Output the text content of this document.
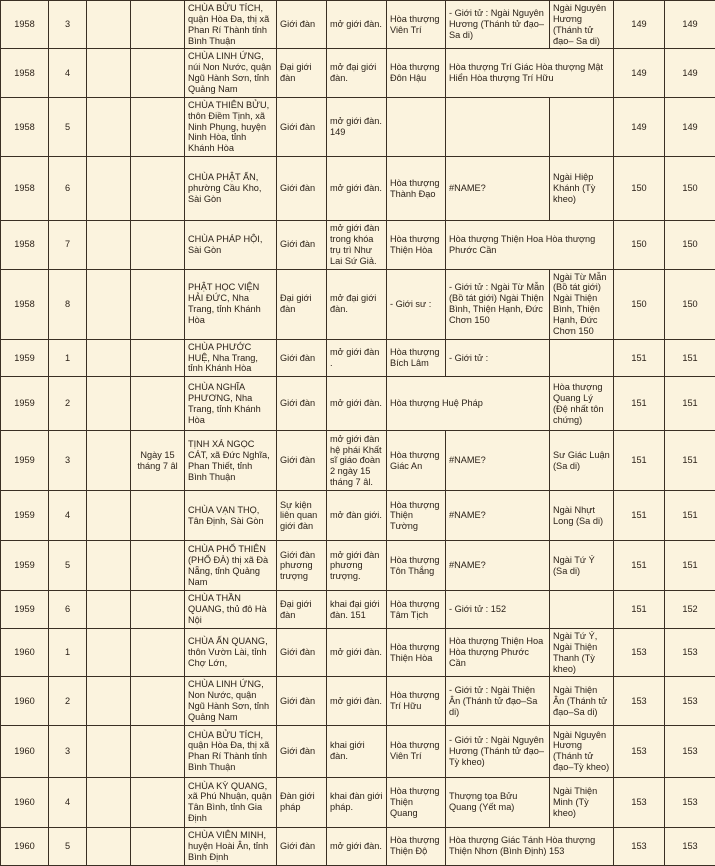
1958	3			CHÙA BỬU TÍCH, quận Hòa Đa, thị xã Phan Rí Thành tỉnh Bình Thuận	Giới đàn	mở giới đàn.	Hòa thượng Viên Trí	- Giới tử : Ngài Nguyên Hương (Thánh tử đạo–Sa di)	Ngài Nguyên Hương (Thánh tử đạo– Sa di)	149	149
1958	4			CHÙA LINH ỨNG, núi Non Nước, quận Ngũ Hành Sơn, tỉnh Quảng Nam	Đại giới đàn	mở đại giới đàn.	Hòa thượng Đôn Hậu	Hòa thượng Trí Giác Hòa thượng Mật Hiển Hòa thượng Trí Hữu		149	149
1958	5			CHÙA THIÊN BỬU, thôn Điềm Tịnh, xã Ninh Phụng, huyện Ninh Hòa, tỉnh Khánh Hòa	Giới đàn	mở giới đàn. 149				149	149
1958	6			CHÙA PHẬT ẤN, phường Cầu Kho, Sài Gòn	Giới đàn	mở giới đàn.	Hòa thượng Thành Đạo	#NAME?	Ngài Hiệp Khánh (Tỳ kheo)	150	150
1958	7			CHÙA PHÁP HỘI, Sài Gòn	Giới đàn	mở giới đàn trong khóa trụ trì Như Lai Sứ Giả.	Hòa thượng Thiện Hòa	Hòa thượng Thiện Hoa Hòa thượng Phước Cần		150	150
1958	8			PHẬT HỌC VIỆN HẢI ĐỨC, Nha Trang, tỉnh Khánh Hòa	Đại giới đàn	mở đại giới đàn.	- Giới sư :	- Giới tử : Ngài Từ Mẫn (Bồ tát giới) Ngài Thiện Bình, Thiện Hạnh, Đức Chơn 150	Ngài Từ Mẫn (Bồ tát giới) Ngài Thiện Bình, Thiện Hạnh, Đức Chơn 150	150	150
1959	1			CHÙA PHƯỚC HUỆ, Nha Trang, tỉnh Khánh Hòa	Giới đàn	mở giới đàn .	Hòa thượng Bích Lâm	- Giới tử :		151	151
1959	2			CHÙA NGHĨA PHƯƠNG, Nha Trang, tỉnh Khánh Hòa	Giới đàn	mở giới đàn.	Hòa thượng Huệ Pháp		Hòa thượng Quang Lý (Đệ nhất tôn chứng)	151	151
1959	3		Ngày 15 tháng 7 âl	TỊNH XÁ NGỌC CÁT, xã Đức Nghĩa, Phan Thiết, tỉnh Bình Thuận	Giới đàn	mở giới đàn hệ phái Khất sĩ giáo đoàn 2 ngày 15 tháng 7 âl.	Hòa thượng Giác An	#NAME?	Sư Giác Luận (Sa di)	151	151
1959	4			CHÙA VẠN THỌ, Tân Định, Sài Gòn	Sự kiện liên quan giới đàn	mở đàn giới.	Hòa thượng Thiện Tường	#NAME?	Ngài Nhựt Long (Sa di)	151	151
1959	5			CHÙA PHỔ THIÊN (PHỔ ĐÀ) thị xã Đà Nẵng, tỉnh Quảng Nam	Giới đàn phương trượng	mở giới đàn phương trượng.	Hòa thượng Tôn Thắng	#NAME?	Ngài Tứ Ý (Sa di)	151	151
1959	6			CHÙA THẦN QUANG, thủ đô Hà Nội	Đại giới đàn	khai đại giới đàn. 151	Hòa thượng Tâm Tịch	- Giới tử : 152		151	152
1960	1			CHÙA ẤN QUANG, thôn Vườn Lài, tỉnh Chợ Lớn,	Giới đàn	mở giới đàn.	Hòa thượng Thiện Hòa	Hòa thượng Thiện Hoa Hòa thượng Phước Cần	Ngài Tứ Ý, Ngài Thiện Thanh (Tỳ kheo)	153	153
1960	2			CHÙA LINH ỨNG, Non Nước, quận Ngũ Hành Sơn, tỉnh Quảng Nam	Giới đàn	mở giới đàn.	Hòa thượng Trí Hữu	- Giới tử : Ngài Thiện Ân (Thánh tử đạo–Sa di)	Ngài Thiện Ân (Thánh tử đạo–Sa di)	153	153
1960	3			CHÙA BỬU TÍCH, quận Hòa Đa, thị xã Phan Rí Thành tỉnh Bình Thuận	Giới đàn	khai giới đàn.	Hòa thượng Viên Trí	- Giới tử : Ngài Nguyên Hương (Thánh tử đạo– Tỳ kheo)	Ngài Nguyên Hương (Thánh tử đạo–Tỳ kheo)	153	153
1960	4			CHÙA KỲ QUANG, xã Phú Nhuận, quận Tân Bình, tỉnh Gia Định	Đàn giới pháp	khai đàn giới pháp.	Hòa thượng Thiện Quang	Thượng tọa Bửu Quang (Yết ma)	Ngài Thiện Minh (Tỳ kheo)	153	153
1960	5			CHÙA VIÊN MINH, huyện Hoài Ân, tỉnh Bình Định	Giới đàn	mở giới đàn.	Hòa thượng Thiện Độ	Hòa thượng Giác Tánh Hòa thượng Thiện Nhơn (Bình Định) 153		153	153
